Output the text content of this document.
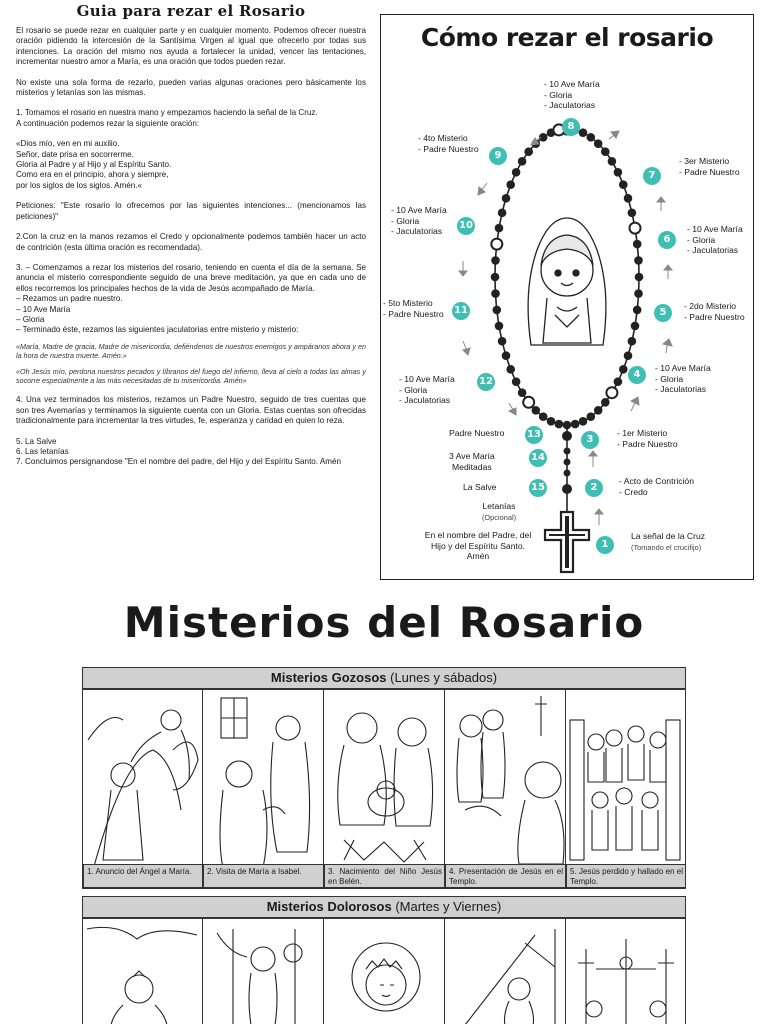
Guia para rezar el Rosario

El rosario se puede rezar en cualquier parte y en cualquier momento. Podemos ofrecer nuestra oración pidiendo la intercesión de la Santísima Virgen al igual que ofrecerlo por todas sus intenciones. La oración del mismo nos ayuda a fortalecer la unidad, vencer las tentaciones, incrementar nuestro amor a María, es una oración que todos pueden rezar.

No existe una sola forma de rezarlo, pueden varias algunas oraciones pero básicamente los misterios y letanías son las mismas.

1. Tomamos el rosario en nuestra mano y empezamos haciendo la señal de la Cruz.

A continuación podemos rezar la siguiente oración:

«Dios mío, ven en mi auxilio.

Señor, date prisa en socorrerme.

Gloria al Padre y al Hijo y al Espíritu Santo.

Como era en el principio, ahora y siempre,

por los siglos de los siglos. Amén.«

Peticiones: "Este rosario lo ofrecemos por las siguientes intenciones... (mencionamos las peticiones)"

2.Con la cruz en la manos rezamos el Credo y opcionalmente podemos también hacer un acto de contrición (esta última oración es recomendada).

3. – Comenzamos a rezar los misterios del rosario, teniendo en cuenta el día de la semana. Se anuncia el misterio correspondiente seguido de una breve meditación, ya que en cada uno de ellos recorremos los principales hechos de la vida de Jesús acompañado de María.

– Rezamos un padre nuestro.

– 10 Ave María

– Gloria

– Terminado éste, rezamos las siguientes jaculatorias entre misterio y misterio:

«María, Madre de gracia, Madre de misericordia, defiéndenos de nuestros enemigos y ampáranos ahora y en la hora de nuestra muerte. Amén.»

«Oh Jesús mío, perdona nuestros pecados y líbranos del fuego del infierno, lleva al cielo a todas las almas y socorre especialmente a las más necesitadas de tu misericordia. Amén»

4. Una vez terminados los misterios, rezamos un Padre Nuestro, seguido de tres cuentas que son tres Avemarías y terminamos la siguiente cuenta con un Gloria. Estas cuentas son ofrecidas tradicionalmente para incrementar la tres virtudes, fe, esperanza y caridad en quien lo reza.

5. La Salve

6. Las letanías

7. Concluimos persignandose "En el nombre del padre, del Hijo y del Espíritu Santo. Amén

Cómo rezar el rosario
1
La señal de la Cruz
(Tomando el crucifijo)
2
- Acto de Contrición
- Credo
3
- 1er Misterio
- Padre Nuestro
4
- 10 Ave María
- Gloria
- Jaculatorias
5
- 2do Misterio
- Padre Nuestro
6
- 10 Ave María
- Gloria
- Jaculatorias
7
- 3er Misterio
- Padre Nuestro
8
- 10 Ave María
- Gloria
- Jaculatorias
9
- 4to Misterio
- Padre Nuestro
10
- 10 Ave María
- Gloria
- Jaculatorias
11
- 5to Misterio
- Padre Nuestro
12
- 10 Ave María
- Gloria
- Jaculatorias
13
Padre Nuestro
14
3 Ave María
Meditadas
15
La Salve
Letanías
(Opcional)
En el nombre del Padre, del
Hijo y del Espíritu Santo.
Amén
Misterios del Rosario
Misterios Gozosos (Lunes y sábados)
1. Anuncio del Ángel a María.	2. Visita de María a Isabel.	3. Nacimiento del Niño Jesús en Belén.
4. Presentación de Jesús en el Templo.
5. Jesús perdido y hallado en el Templo.
Misterios Dolorosos (Martes y Viernes)
